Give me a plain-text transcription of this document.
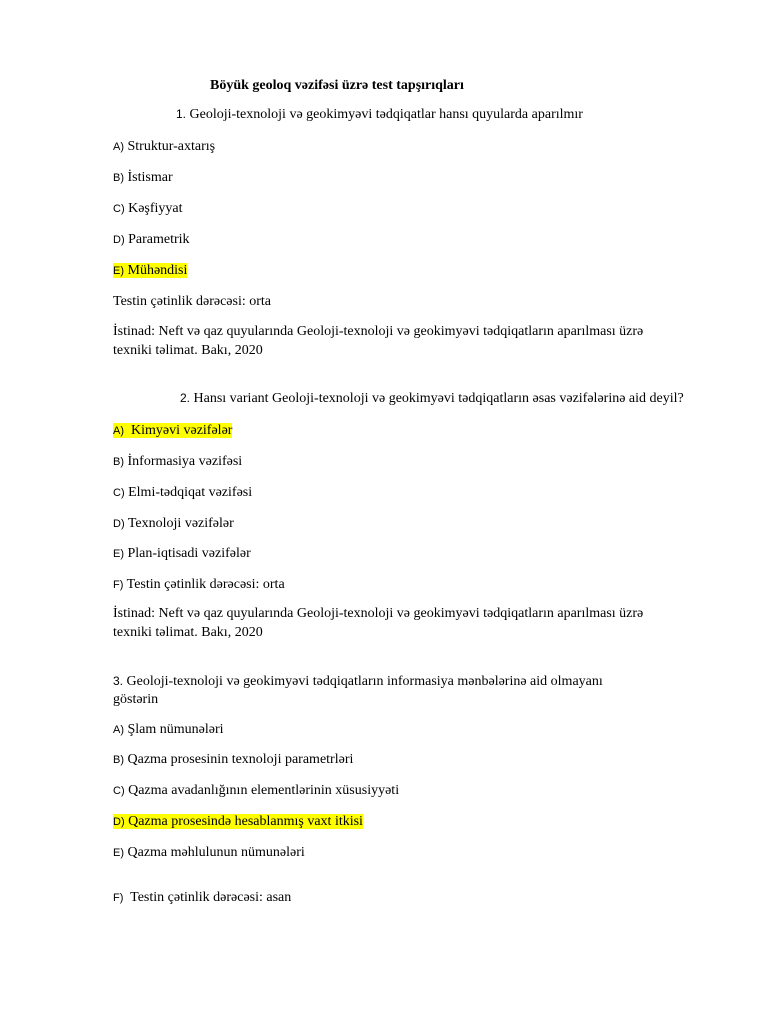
Böyük geoloq vəzifəsi üzrə test tapşırıqları
1. Geoloji-texnoloji və geokimyəvi tədqiqatlar hansı quyularda aparılmır
A) Struktur-axtarış
B) İstismar
C) Kəşfiyyat
D) Parametrik
E) Mühəndisi
Testin çətinlik dərəcəsi: orta
İstinad: Neft və qaz quyularında Geoloji-texnoloji və geokimyəvi tədqiqatların aparılması üzrə
texniki təlimat. Bakı, 2020
2. Hansı variant Geoloji-texnoloji və geokimyəvi tədqiqatların əsas vəzifələrinə aid deyil?
A) Kimyəvi vəzifələr
B) İnformasiya vəzifəsi
C) Elmi-tədqiqat vəzifəsi
D) Texnoloji vəzifələr
E) Plan-iqtisadi vəzifələr
F) Testin çətinlik dərəcəsi: orta
İstinad: Neft və qaz quyularında Geoloji-texnoloji və geokimyəvi tədqiqatların aparılması üzrə
texniki təlimat. Bakı, 2020
3. Geoloji-texnoloji və geokimyəvi tədqiqatların informasiya mənbələrinə aid olmayanı
göstərin
A) Şlam nümunələri
B) Qazma prosesinin texnoloji parametrləri
C) Qazma avadanlığının elementlərinin xüsusiyyəti
D) Qazma prosesində hesablanmış vaxt itkisi
E) Qazma məhlulunun nümunələri
F) Testin çətinlik dərəcəsi: asan
